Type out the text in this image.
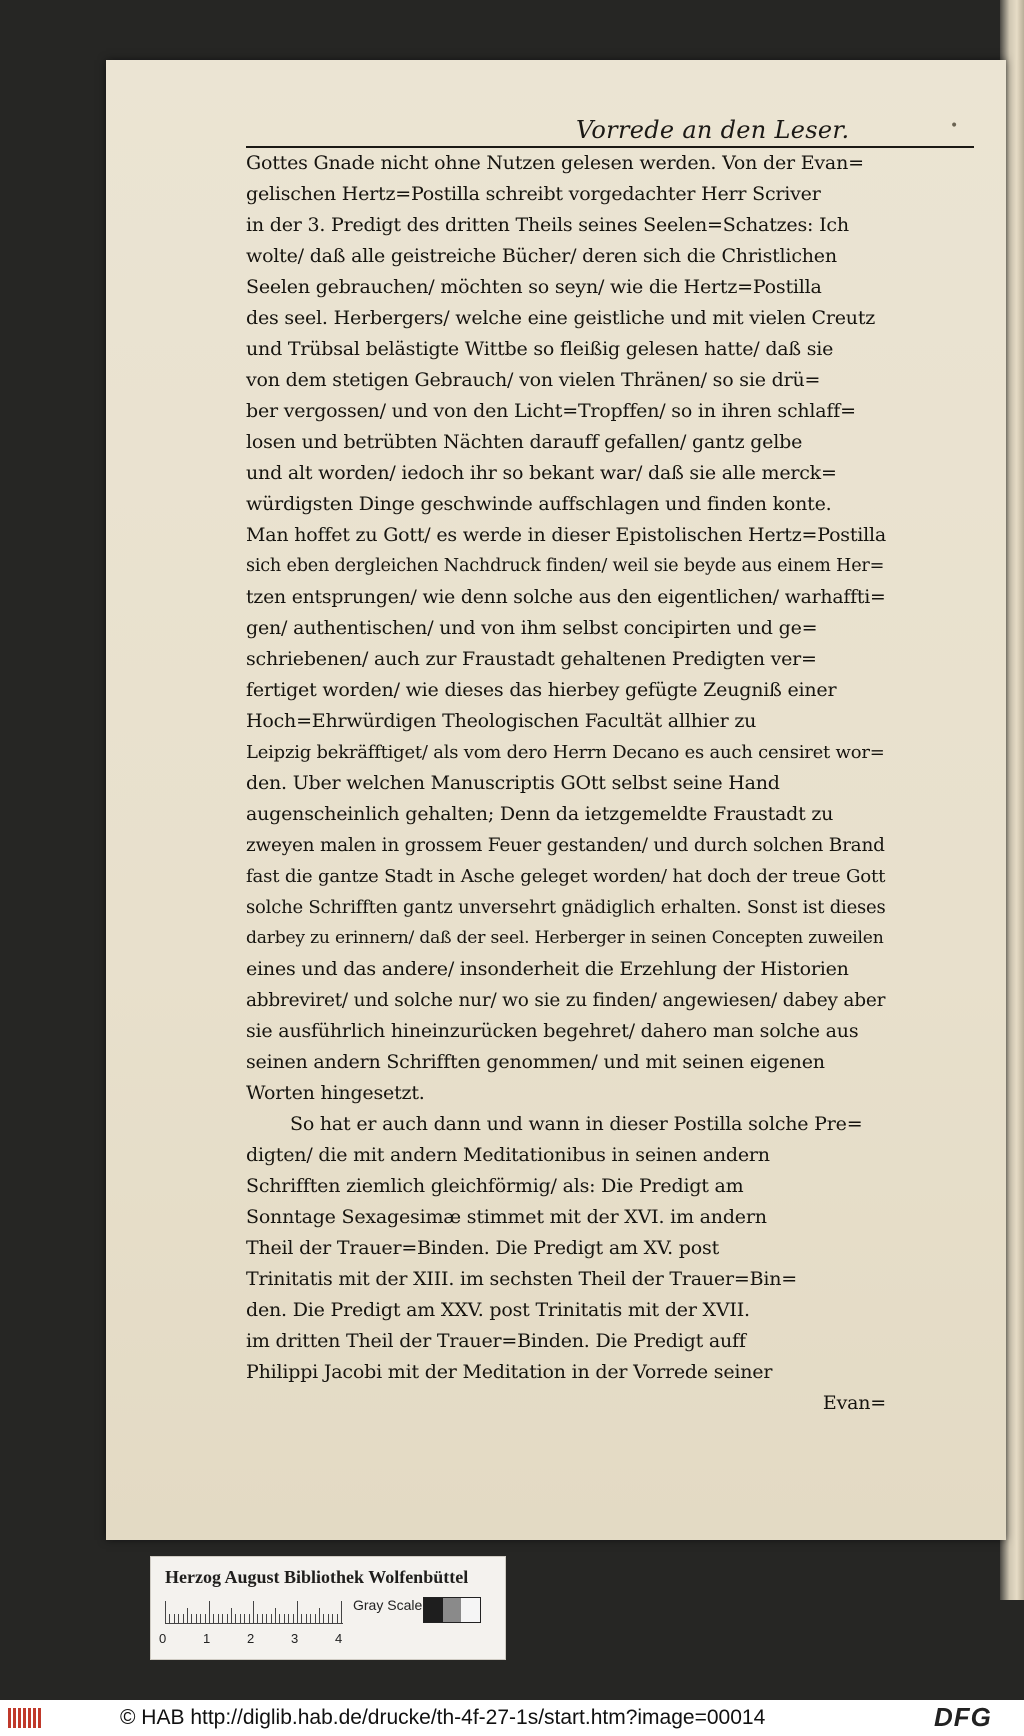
Vorrede an den Leser.	•
Gottes Gnade nicht ohne Nutzen gelesen werden. Von der Evan=
gelischen Hertz=Postilla schreibt vorgedachter Herr Scriver
in der 3. Predigt des dritten Theils seines Seelen=Schatzes: Ich
wolte/ daß alle geistreiche Bücher/ deren sich die Christlichen
Seelen gebrauchen/ möchten so seyn/ wie die Hertz=Postilla
des seel. Herbergers/ welche eine geistliche und mit vielen Creutz
und Trübsal belästigte Wittbe so fleißig gelesen hatte/ daß sie
von dem stetigen Gebrauch/ von vielen Thränen/ so sie drü=
ber vergossen/ und von den Licht=Tropffen/ so in ihren schlaff=
losen und betrübten Nächten darauff gefallen/ gantz gelbe
und alt worden/ iedoch ihr so bekant war/ daß sie alle merck=
würdigsten Dinge geschwinde auffschlagen und finden konte.
Man hoffet zu Gott/ es werde in dieser Epistolischen Hertz=Postilla
sich eben dergleichen Nachdruck finden/ weil sie beyde aus einem Her=
tzen entsprungen/ wie denn solche aus den eigentlichen/ warhaffti=
gen/ authentischen/ und von ihm selbst concipirten und ge=
schriebenen/ auch zur Fraustadt gehaltenen Predigten ver=
fertiget worden/ wie dieses das hierbey gefügte Zeugniß einer
Hoch=Ehrwürdigen Theologischen Facultät allhier zu
Leipzig bekräfftiget/ als vom dero Herrn Decano es auch censiret wor=
den. Uber welchen Manuscriptis GOtt selbst seine Hand
augenscheinlich gehalten; Denn da ietzgemeldte Fraustadt zu
zweyen malen in grossem Feuer gestanden/ und durch solchen Brand
fast die gantze Stadt in Asche geleget worden/ hat doch der treue Gott
solche Schrifften gantz unversehrt gnädiglich erhalten. Sonst ist dieses
darbey zu erinnern/ daß der seel. Herberger in seinen Concepten zuweilen
eines und das andere/ insonderheit die Erzehlung der Historien
abbreviret/ und solche nur/ wo sie zu finden/ angewiesen/ dabey aber
sie ausführlich hineinzurücken begehret/ dahero man solche aus
seinen andern Schrifften genommen/ und mit seinen eigenen
Worten hingesetzt.
So hat er auch dann und wann in dieser Postilla solche Pre=
digten/ die mit andern Meditationibus in seinen andern
Schrifften ziemlich gleichförmig/ als: Die Predigt am
Sonntage Sexagesimæ stimmet mit der XVI. im andern
Theil der Trauer=Binden. Die Predigt am XV. post
Trinitatis mit der XIII. im sechsten Theil der Trauer=Bin=
den. Die Predigt am XXV. post Trinitatis mit der XVII.
im dritten Theil der Trauer=Binden. Die Predigt auff
Philippi Jacobi mit der Meditation in der Vorrede seiner
Evan=
Herzog August Bibliothek Wolfenbüttel
0	1	2	3	4
Gray Scale
© HAB http://diglib.hab.de/drucke/th-4f-27-1s/start.htm?image=00014	DFG
